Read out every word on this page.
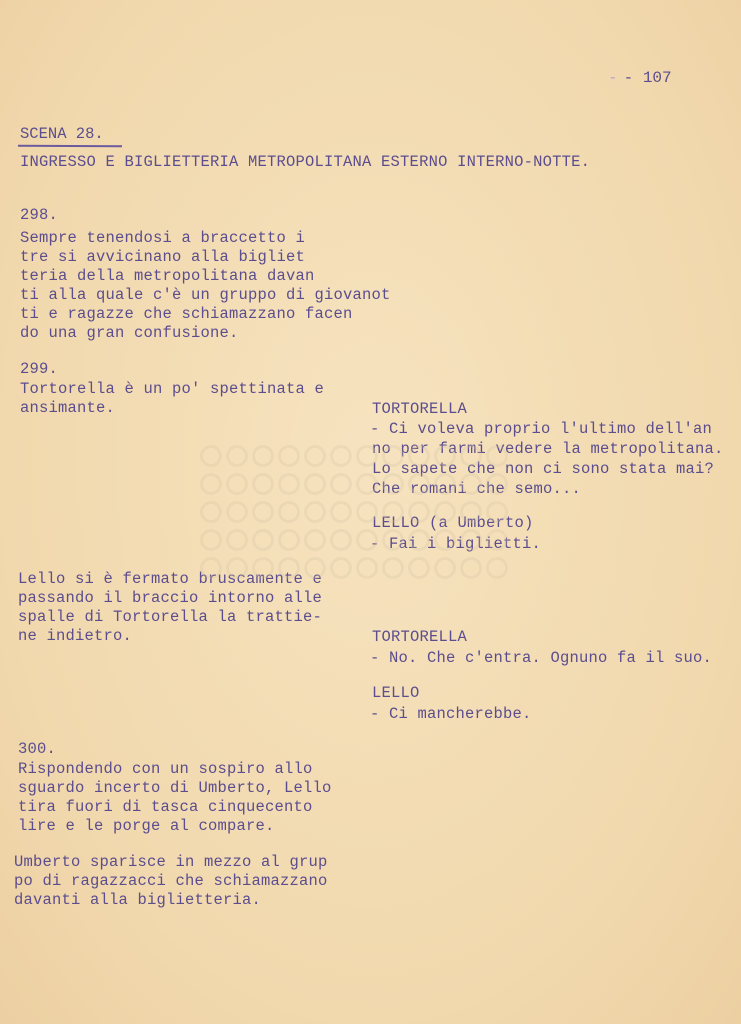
- - 107
SCENA 28.
INGRESSO E BIGLIETTERIA METROPOLITANA ESTERNO INTERNO-NOTTE.
298.
Sempre tenendosi a braccetto i
tre si avvicinano alla bigliet
teria della metropolitana davan
ti alla quale c'è un gruppo di giovanot
ti e ragazze che schiamazzano facen
do una gran confusione.
299.
Tortorella è un po' spettinata e
ansimante.	TORTORELLA
- Ci voleva proprio l'ultimo dell'an
no per farmi vedere la metropolitana.
Lo sapete che non ci sono stata mai?
Che romani che semo...
LELLO (a Umberto)
- Fai i biglietti.
Lello si è fermato bruscamente e
passando il braccio intorno alle
spalle di Tortorella la trattie-
ne indietro.	TORTORELLA
- No. Che c'entra. Ognuno fa il suo.
LELLO
- Ci mancherebbe.
300.
Rispondendo con un sospiro allo
sguardo incerto di Umberto, Lello
tira fuori di tasca cinquecento
lire e le porge al compare.
Umberto sparisce in mezzo al grup
po di ragazzacci che schiamazzano
davanti alla biglietteria.
